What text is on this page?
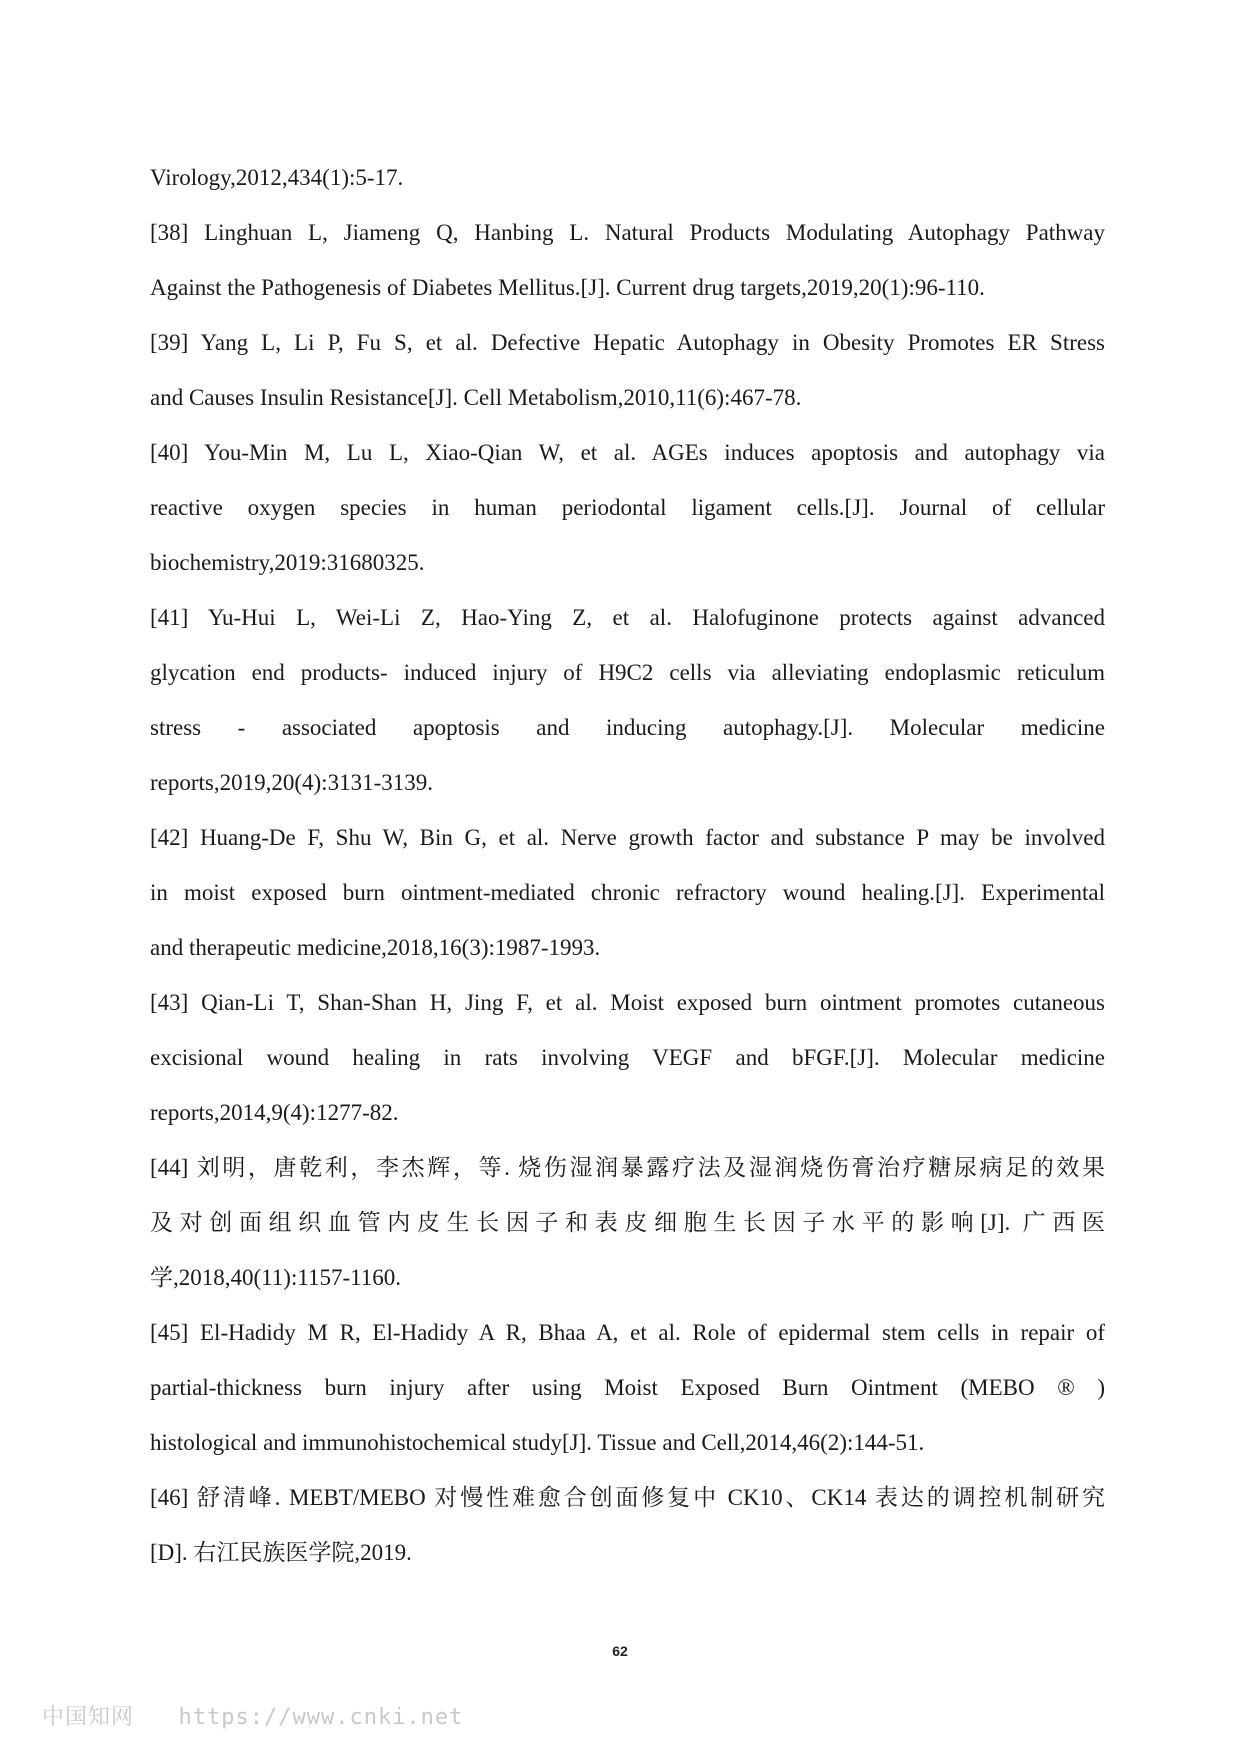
Virology,2012,434(1):5-17.
[38] Linghuan L, Jiameng Q, Hanbing L. Natural Products Modulating Autophagy Pathway
Against the Pathogenesis of Diabetes Mellitus.[J]. Current drug targets,2019,20(1):96-110.
[39] Yang L, Li P, Fu S, et al. Defective Hepatic Autophagy in Obesity Promotes ER Stress
and Causes Insulin Resistance[J]. Cell Metabolism,2010,11(6):467-78.
[40] You-Min M, Lu L, Xiao-Qian W, et al. AGEs induces apoptosis and autophagy via
reactive oxygen species in human periodontal ligament cells.[J]. Journal of cellular
biochemistry,2019:31680325.
[41] Yu-Hui L, Wei-Li Z, Hao-Ying Z, et al. Halofuginone protects against advanced
glycation end products‐ induced injury of H9C2 cells via alleviating endoplasmic reticulum
stress ‐ associated apoptosis and inducing autophagy.[J]. Molecular medicine
reports,2019,20(4):3131-3139.
[42] Huang-De F, Shu W, Bin G, et al. Nerve growth factor and substance P may be involved
in moist exposed burn ointment-mediated chronic refractory wound healing.[J]. Experimental
and therapeutic medicine,2018,16(3):1987-1993.
[43] Qian-Li T, Shan-Shan H, Jing F, et al. Moist exposed burn ointment promotes cutaneous
excisional wound healing in rats involving VEGF and bFGF.[J]. Molecular medicine
reports,2014,9(4):1277-82.
[44] 刘明，唐乾利，李杰辉，等. 烧伤湿润暴露疗法及湿润烧伤膏治疗糖尿病足的效果
及对创面组织血管内皮生长因子和表皮细胞生长因子水平的影响[J]. 广西医
学,2018,40(11):1157-1160.
[45] El-Hadidy M R, El-Hadidy A R, Bhaa A, et al. Role of epidermal stem cells in repair of
partial-thickness burn injury after using Moist Exposed Burn Ointment (MEBO ® )
histological and immunohistochemical study[J]. Tissue and Cell,2014,46(2):144-51.
[46] 舒清峰. MEBT/MEBO 对慢性难愈合创面修复中 CK10、CK14 表达的调控机制研究
[D]. 右江民族医学院,2019.
62
中国知网 https://www.cnki.net
